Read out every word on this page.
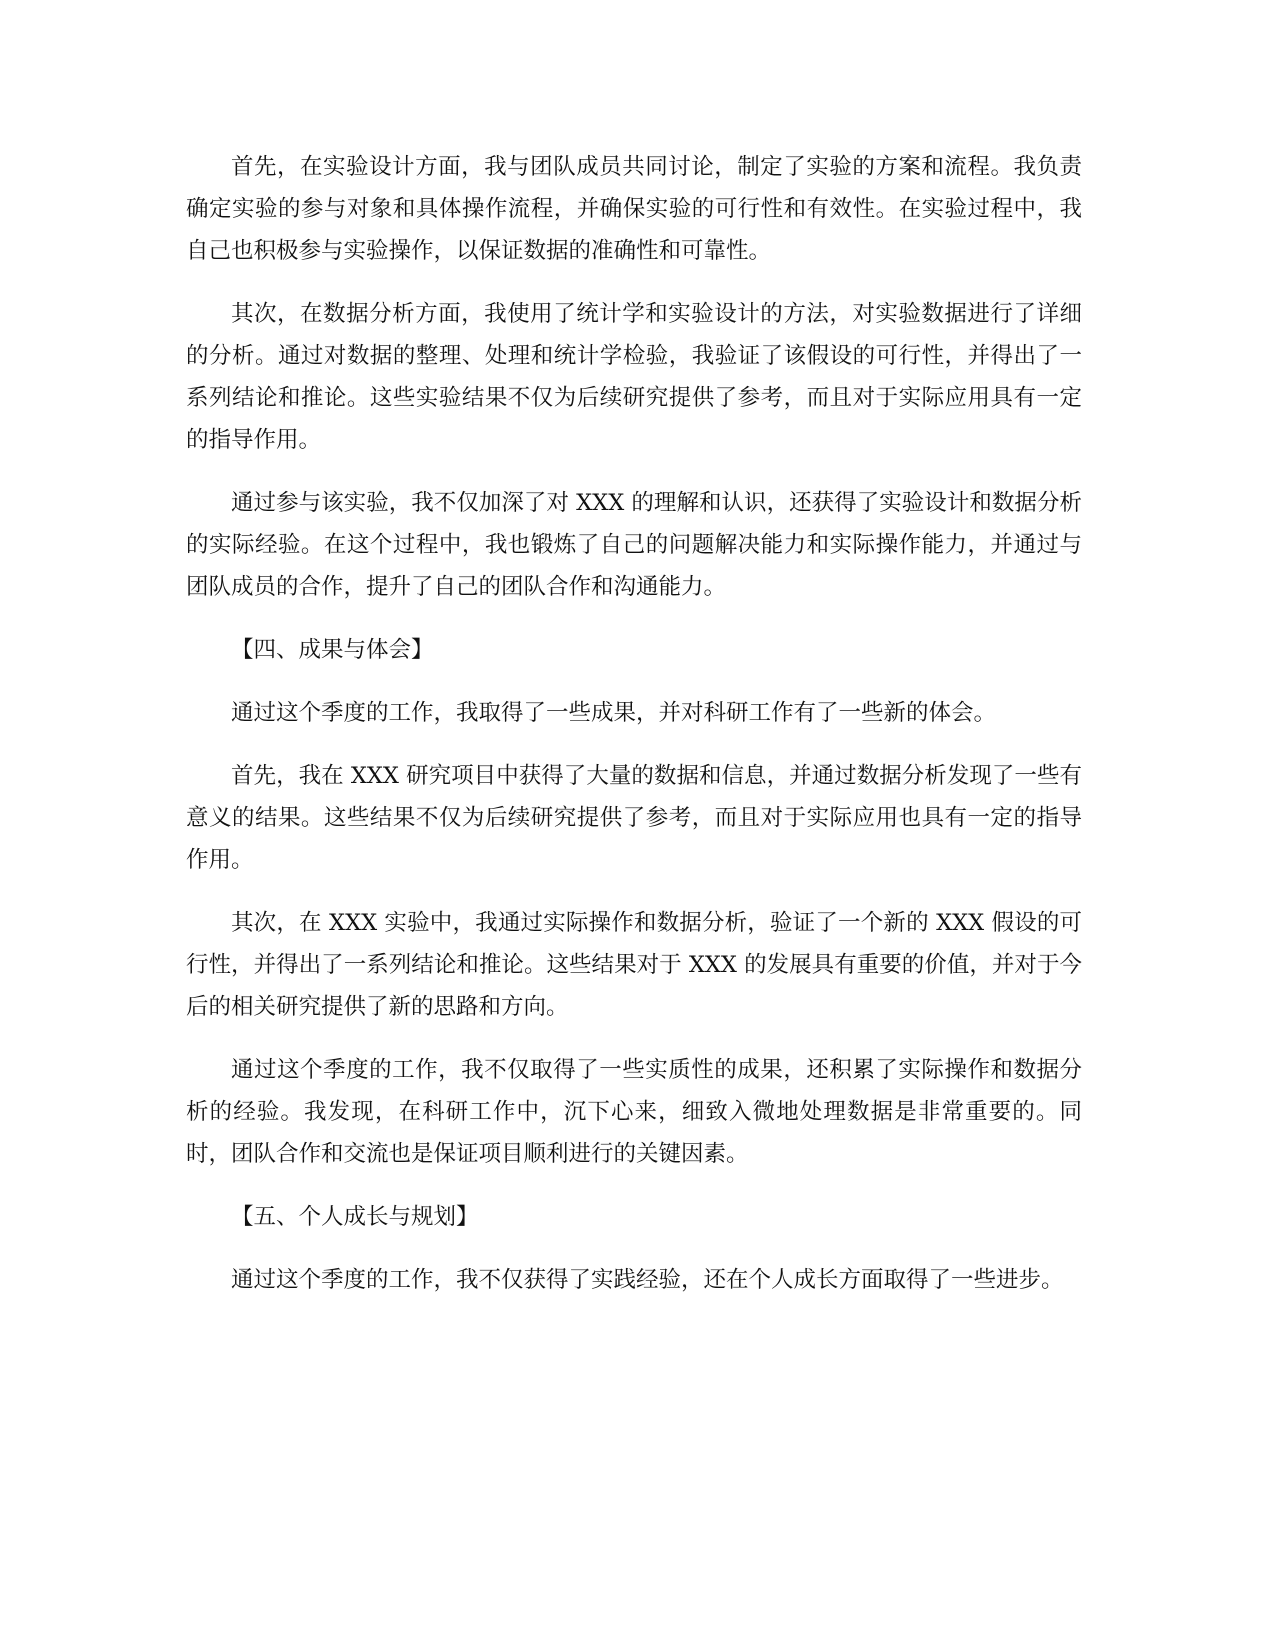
首先，在实验设计方面，我与团队成员共同讨论，制定了实验的方案和流程。我负责确定实验的参与对象和具体操作流程，并确保实验的可行性和有效性。在实验过程中，我自己也积极参与实验操作，以保证数据的准确性和可靠性。

其次，在数据分析方面，我使用了统计学和实验设计的方法，对实验数据进行了详细的分析。通过对数据的整理、处理和统计学检验，我验证了该假设的可行性，并得出了一系列结论和推论。这些实验结果不仅为后续研究提供了参考，而且对于实际应用具有一定的指导作用。

通过参与该实验，我不仅加深了对 XXX 的理解和认识，还获得了实验设计和数据分析的实际经验。在这个过程中，我也锻炼了自己的问题解决能力和实际操作能力，并通过与团队成员的合作，提升了自己的团队合作和沟通能力。

【四、成果与体会】

通过这个季度的工作，我取得了一些成果，并对科研工作有了一些新的体会。

首先，我在 XXX 研究项目中获得了大量的数据和信息，并通过数据分析发现了一些有意义的结果。这些结果不仅为后续研究提供了参考，而且对于实际应用也具有一定的指导作用。

其次，在 XXX 实验中，我通过实际操作和数据分析，验证了一个新的 XXX 假设的可行性，并得出了一系列结论和推论。这些结果对于 XXX 的发展具有重要的价值，并对于今后的相关研究提供了新的思路和方向。

通过这个季度的工作，我不仅取得了一些实质性的成果，还积累了实际操作和数据分析的经验。我发现，在科研工作中，沉下心来，细致入微地处理数据是非常重要的。同时，团队合作和交流也是保证项目顺利进行的关键因素。

【五、个人成长与规划】

通过这个季度的工作，我不仅获得了实践经验，还在个人成长方面取得了一些进步。
